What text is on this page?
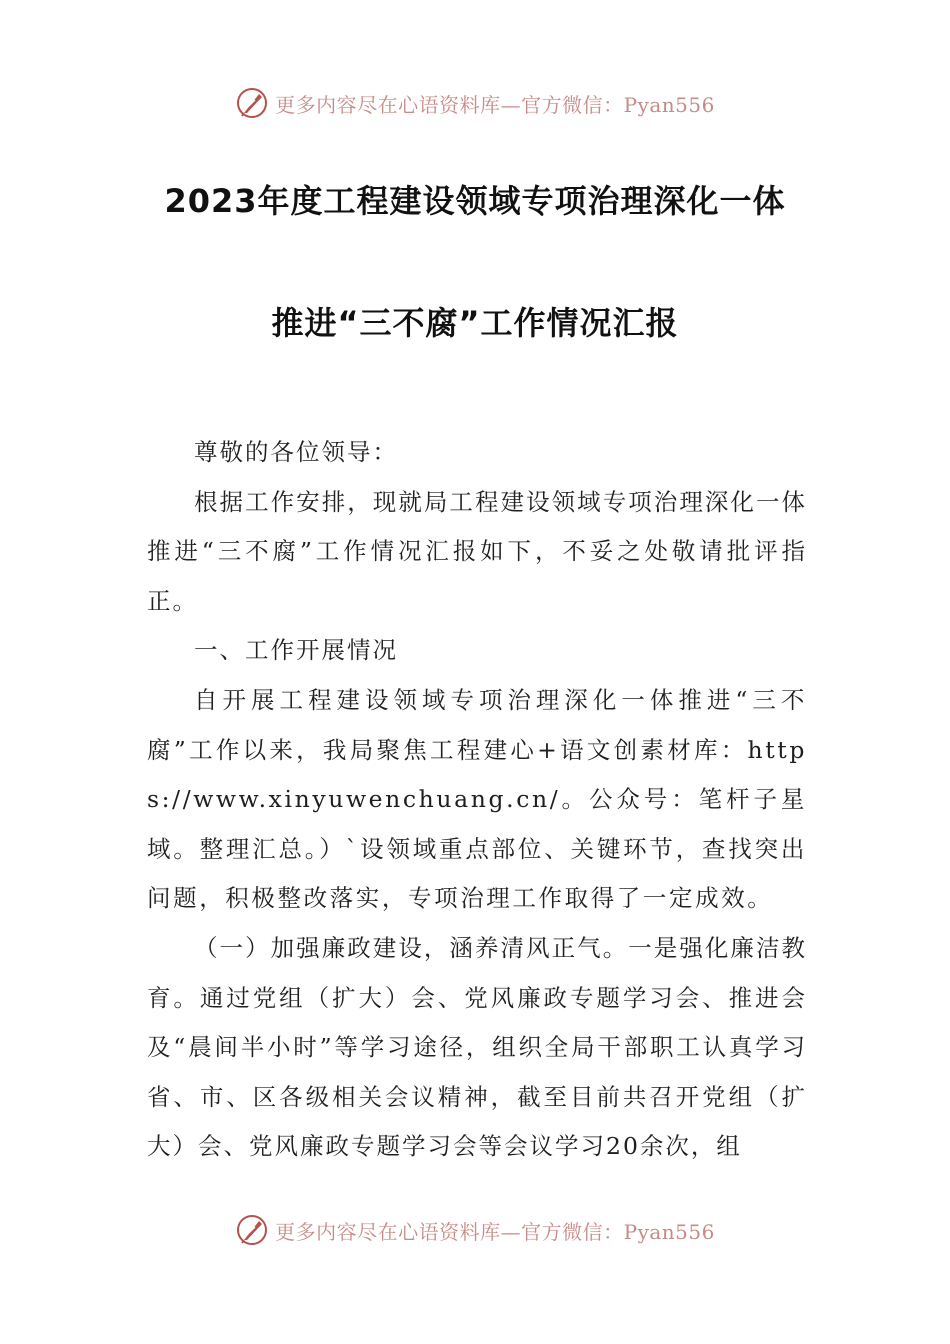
更多内容尽在心语资料库—官方微信：Pyan556
2023年度工程建设领域专项治理深化一体
推进“三不腐”工作情况汇报

尊敬的各位领导：

根据工作安排，现就局工程建设领域专项治理深化一体推进“三不腐”工作情况汇报如下，不妥之处敬请批评指正。

一、工作开展情况

自开展工程建设领域专项治理深化一体推进“三不腐”工作以来，我局聚焦工程建心+语文创素材库：https://www.xinyuwenchuang.cn/。公众号：笔杆子星域。整理汇总。）`设领域重点部位、关键环节，查找突出问题，积极整改落实，专项治理工作取得了一定成效。

（一）加强廉政建设，涵养清风正气。一是强化廉洁教育。通过党组（扩大）会、党风廉政专题学习会、推进会及“晨间半小时”等学习途径，组织全局干部职工认真学习省、市、区各级相关会议精神，截至目前共召开党组（扩大）会、党风廉政专题学习会等会议学习20余次，组

更多内容尽在心语资料库—官方微信：Pyan556
